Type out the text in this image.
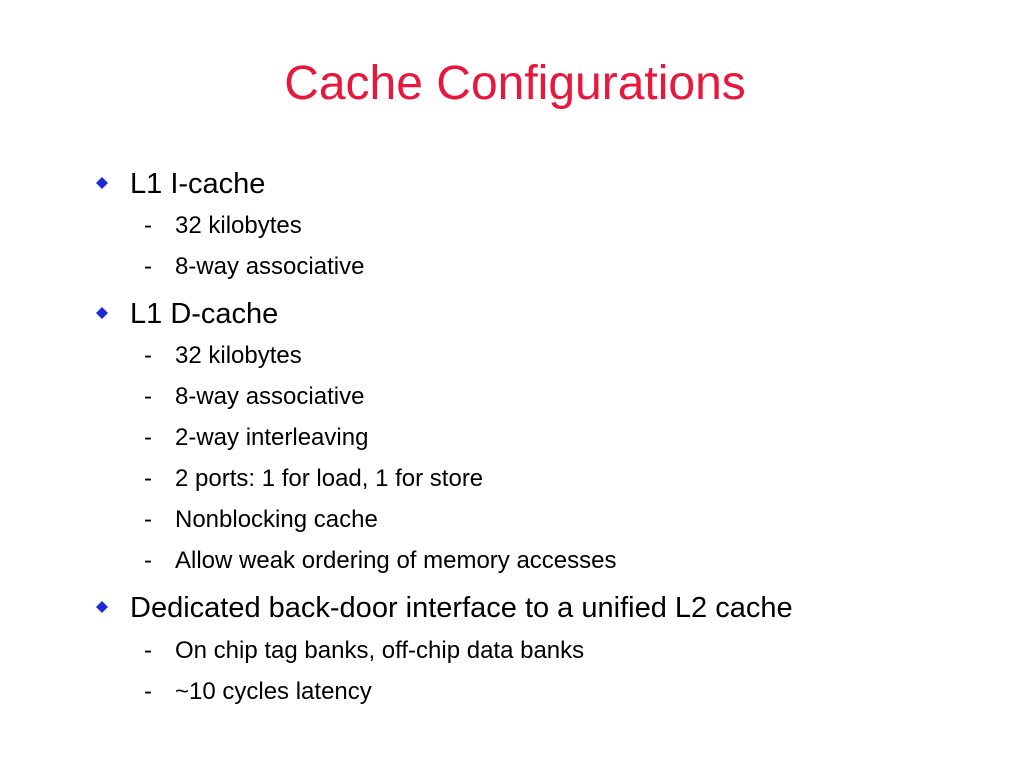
Cache Configurations
L1 I-cache
- 32 kilobytes
- 8-way associative
L1 D-cache
- 32 kilobytes
- 8-way associative
- 2-way interleaving
- 2 ports: 1 for load, 1 for store
- Nonblocking cache
- Allow weak ordering of memory accesses
Dedicated back-door interface to a unified L2 cache
- On chip tag banks, off-chip data banks
- ~10 cycles latency
